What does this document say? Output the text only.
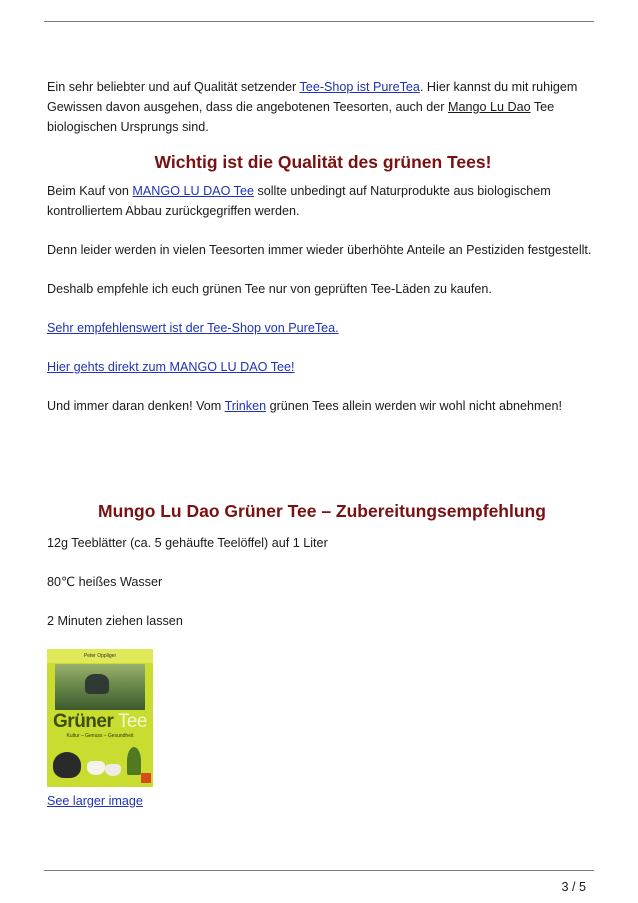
Ein sehr beliebter und auf Qualität setzender Tee-Shop ist PureTea. Hier kannst du mit ruhigem Gewissen davon ausgehen, dass die angebotenen Teesorten, auch der Mango Lu Dao Tee biologischen Ursprungs sind.

Wichtig ist die Qualität des grünen Tees!

Beim Kauf von MANGO LU DAO Tee sollte unbedingt auf Naturprodukte aus biologischem kontrolliertem Abbau zurückgegriffen werden.

Denn leider werden in vielen Teesorten immer wieder überhöhte Anteile an Pestiziden festgestellt.

Deshalb empfehle ich euch grünen Tee nur von geprüften Tee-Läden zu kaufen.

Sehr empfehlenswert ist der Tee-Shop von PureTea.

Hier gehts direkt zum MANGO LU DAO Tee!

Und immer daran denken! Vom Trinken grünen Tees allein werden wir wohl nicht abnehmen!

Mungo Lu Dao Grüner Tee – Zubereitungsempfehlung

12g Teeblätter (ca. 5 gehäufte Teelöffel) auf 1 Liter

80℃ heißes Wasser

2 Minuten ziehen lassen

Peter Oppliger
Grüner Tee
Kultur – Genuss – Gesundheit
See larger image
3 / 5
